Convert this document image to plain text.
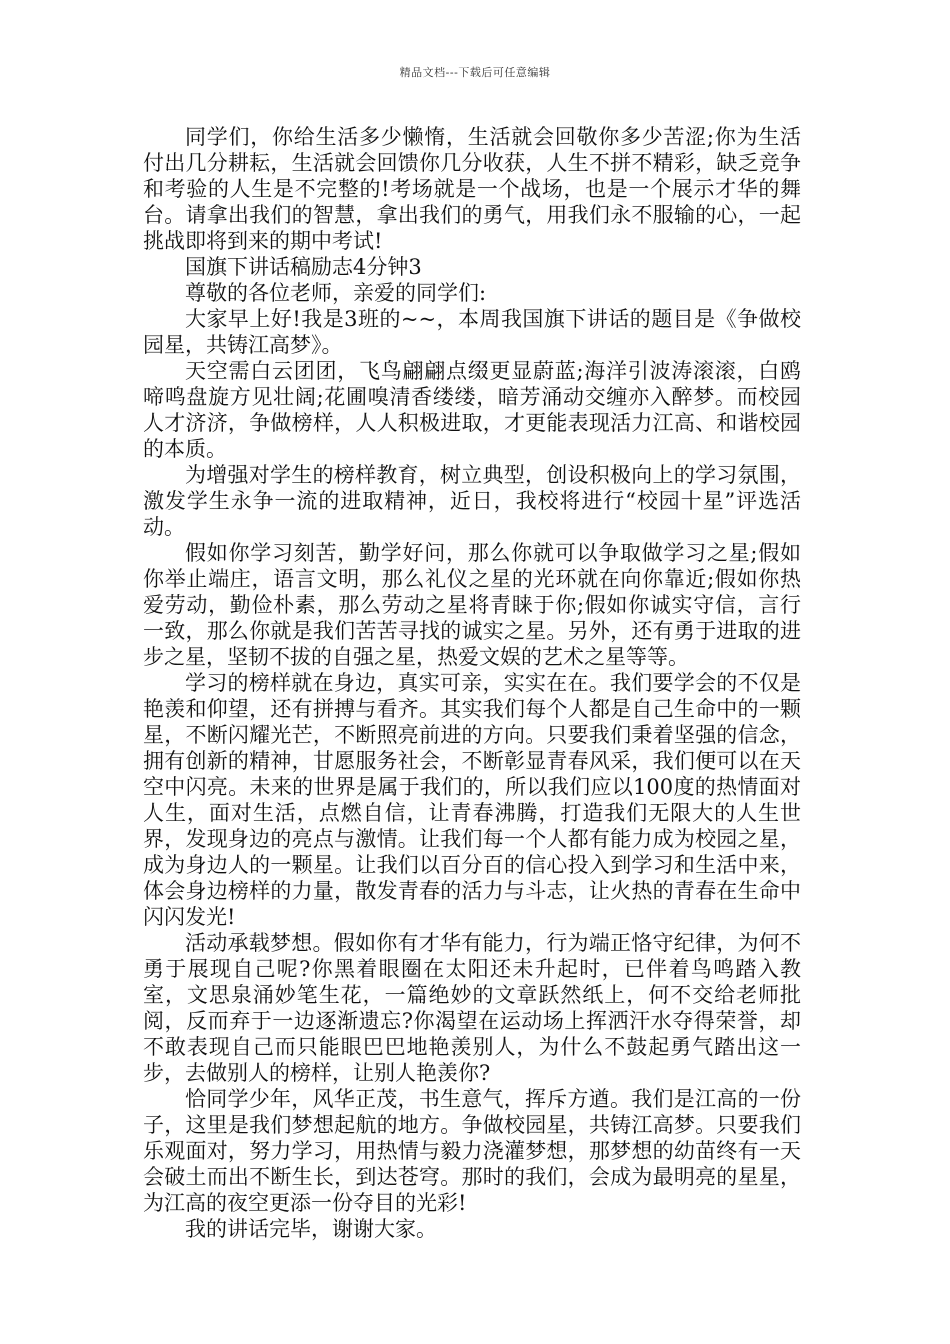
精品文档---下载后可任意编辑

同学们，你给生活多少懒惰，生活就会回敬你多少苦涩;你为生活付出几分耕耘，生活就会回馈你几分收获，人生不拼不精彩，缺乏竞争和考验的人生是不完整的!考场就是一个战场，也是一个展示才华的舞台。请拿出我们的智慧，拿出我们的勇气，用我们永不服输的心，一起挑战即将到来的期中考试!

国旗下讲话稿励志4分钟3

尊敬的各位老师，亲爱的同学们:

大家早上好!我是3班的~~，本周我国旗下讲话的题目是《争做校园星，共铸江高梦》。

天空需白云团团，飞鸟翩翩点缀更显蔚蓝;海洋引波涛滚滚，白鸥啼鸣盘旋方见壮阔;花圃嗅清香缕缕，暗芳涌动交缠亦入醉梦。而校园人才济济，争做榜样，人人积极进取，才更能表现活力江高、和谐校园的本质。

为增强对学生的榜样教育，树立典型，创设积极向上的学习氛围，激发学生永争一流的进取精神，近日，我校将进行“校园十星”评选活动。

假如你学习刻苦，勤学好问，那么你就可以争取做学习之星;假如你举止端庄，语言文明，那么礼仪之星的光环就在向你靠近;假如你热爱劳动，勤俭朴素，那么劳动之星将青睐于你;假如你诚实守信，言行一致，那么你就是我们苦苦寻找的诚实之星。另外，还有勇于进取的进步之星，坚韧不拔的自强之星，热爱文娱的艺术之星等等。

学习的榜样就在身边，真实可亲，实实在在。我们要学会的不仅是艳羡和仰望，还有拼搏与看齐。其实我们每个人都是自己生命中的一颗星，不断闪耀光芒，不断照亮前进的方向。只要我们秉着坚强的信念，拥有创新的精神，甘愿服务社会，不断彰显青春风采，我们便可以在天空中闪亮。未来的世界是属于我们的，所以我们应以100度的热情面对人生，面对生活，点燃自信，让青春沸腾，打造我们无限大的人生世界，发现身边的亮点与激情。让我们每一个人都有能力成为校园之星，成为身边人的一颗星。让我们以百分百的信心投入到学习和生活中来，体会身边榜样的力量，散发青春的活力与斗志，让火热的青春在生命中闪闪发光!

活动承载梦想。假如你有才华有能力，行为端正恪守纪律，为何不勇于展现自己呢?你黑着眼圈在太阳还未升起时，已伴着鸟鸣踏入教室，文思泉涌妙笔生花，一篇绝妙的文章跃然纸上，何不交给老师批阅，反而弃于一边逐渐遗忘?你渴望在运动场上挥洒汗水夺得荣誉，却不敢表现自己而只能眼巴巴地艳羡别人，为什么不鼓起勇气踏出这一步，去做别人的榜样，让别人艳羡你?

恰同学少年，风华正茂，书生意气，挥斥方遒。我们是江高的一份子，这里是我们梦想起航的地方。争做校园星，共铸江高梦。只要我们乐观面对，努力学习，用热情与毅力浇灌梦想，那梦想的幼苗终有一天会破土而出不断生长，到达苍穹。那时的我们，会成为最明亮的星星，为江高的夜空更添一份夺目的光彩!

我的讲话完毕，谢谢大家。
